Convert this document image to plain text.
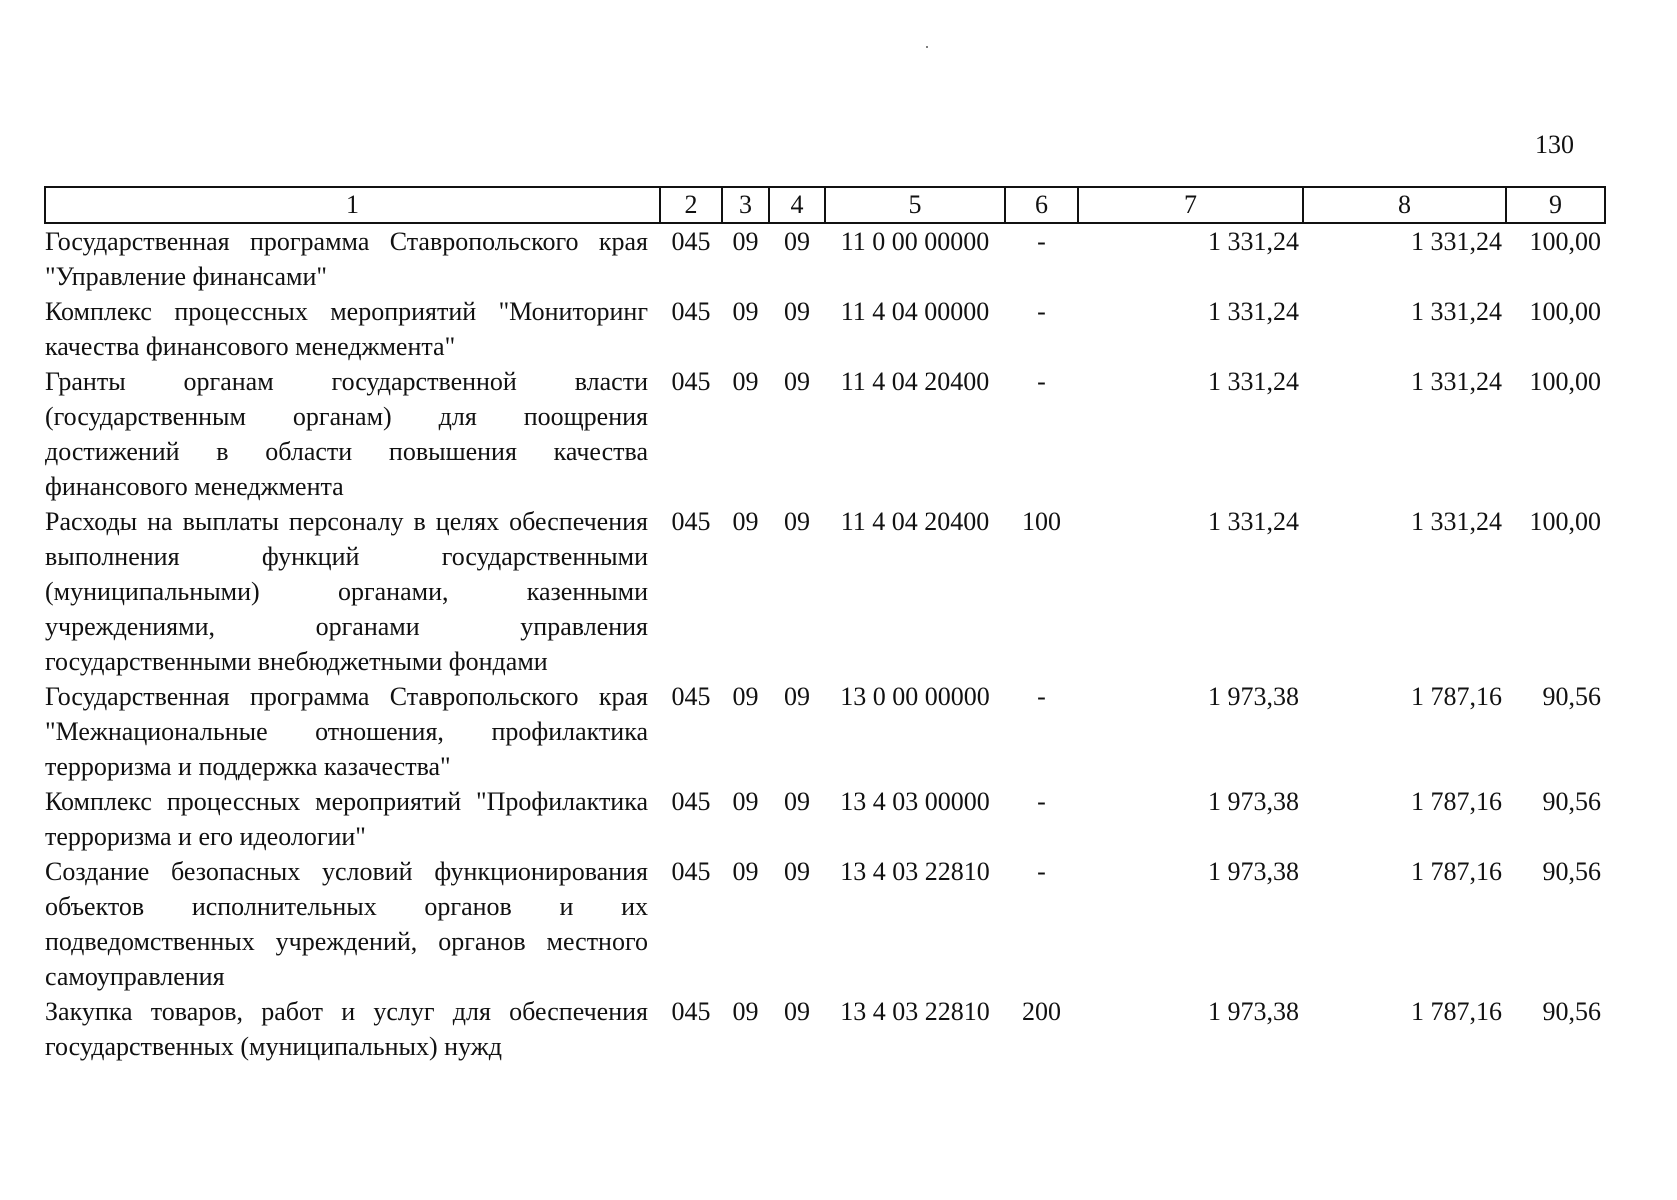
130
1	2	3	4	5	6	7	8	9
Государственная программа Ставропольского края "Управление финансами"	045	09	09	11 0 00 00000	-	1 331,24	1 331,24	100,00
Комплекс процессных мероприятий "Мониторинг качества финансового менеджмента"	045	09	09	11 4 04 00000	-	1 331,24	1 331,24	100,00
Гранты органам государственной власти (государственным органам) для поощрения достижений в области повышения качества финансового менеджмента	045	09	09	11 4 04 20400	-	1 331,24	1 331,24	100,00
Расходы на выплаты персоналу в целях обеспечения выполнения функций государственными (муниципальными) органами, казенными учреждениями, органами управления государственными внебюджетными фондами	045	09	09	11 4 04 20400	100	1 331,24	1 331,24	100,00
Государственная программа Ставропольского края "Межнациональные отношения, профилактика терроризма и поддержка казачества"	045	09	09	13 0 00 00000	-	1 973,38	1 787,16	90,56
Комплекс процессных мероприятий "Профилактика терроризма и его идеологии"	045	09	09	13 4 03 00000	-	1 973,38	1 787,16	90,56
Создание безопасных условий функционирования объектов исполнительных органов и их подведомственных учреждений, органов местного самоуправления	045	09	09	13 4 03 22810	-	1 973,38	1 787,16	90,56
Закупка товаров, работ и услуг для обеспечения государственных (муниципальных) нужд	045	09	09	13 4 03 22810	200	1 973,38	1 787,16	90,56
